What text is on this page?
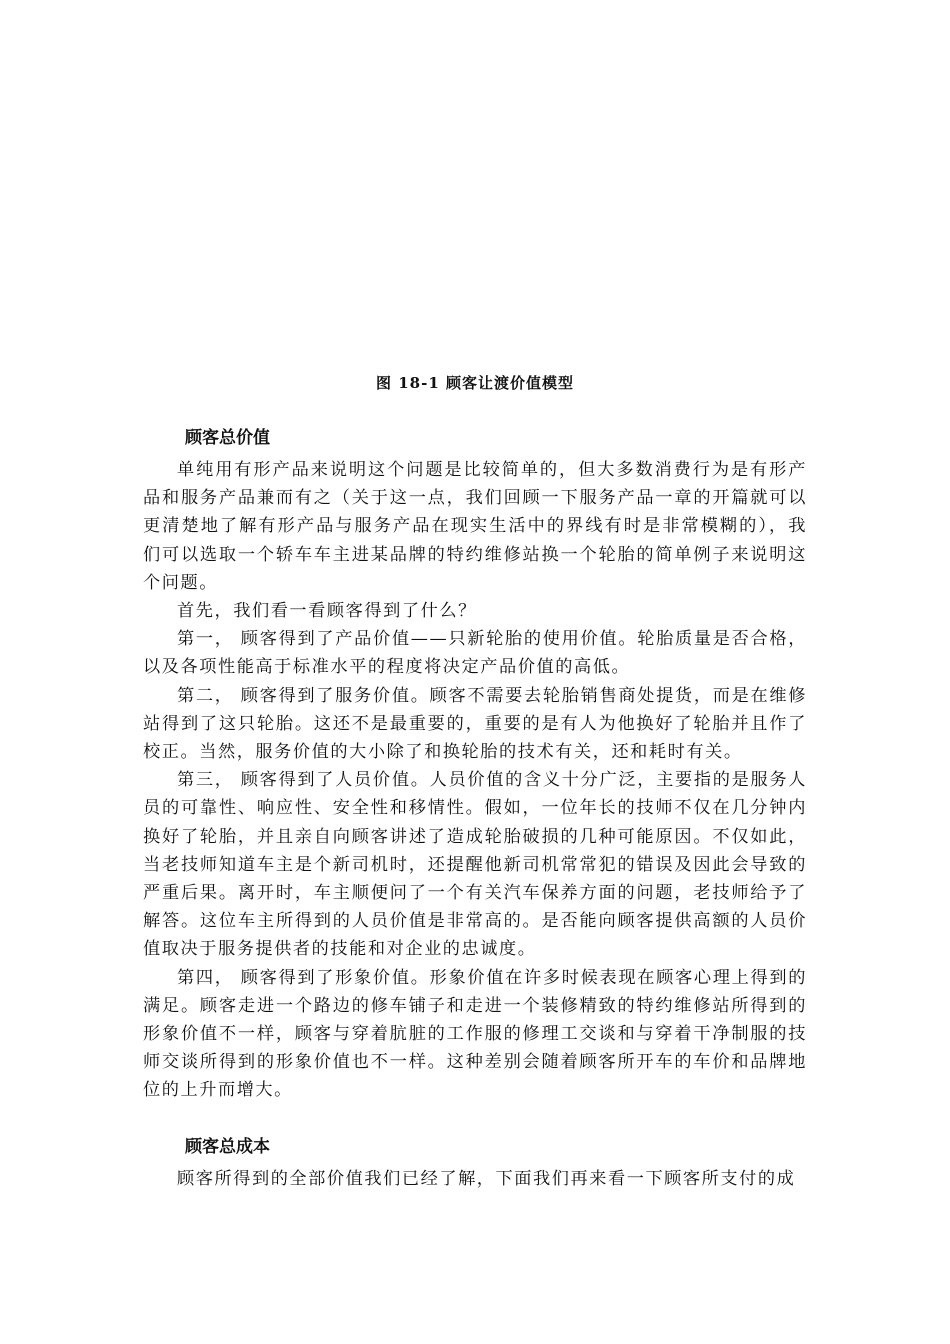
图 18-1 顾客让渡价值模型
顾客总价值

单纯用有形产品来说明这个问题是比较简单的，但大多数消费行为是有形产品和服务产品兼而有之（关于这一点，我们回顾一下服务产品一章的开篇就可以更清楚地了解有形产品与服务产品在现实生活中的界线有时是非常模糊的），我们可以选取一个轿车车主进某品牌的特约维修站换一个轮胎的简单例子来说明这个问题。

首先，我们看一看顾客得到了什么？

第一， 顾客得到了产品价值——只新轮胎的使用价值。轮胎质量是否合格，以及各项性能高于标准水平的程度将决定产品价值的高低。

第二， 顾客得到了服务价值。顾客不需要去轮胎销售商处提货，而是在维修站得到了这只轮胎。这还不是最重要的，重要的是有人为他换好了轮胎并且作了校正。当然，服务价值的大小除了和换轮胎的技术有关，还和耗时有关。

第三， 顾客得到了人员价值。人员价值的含义十分广泛，主要指的是服务人员的可靠性、响应性、安全性和移情性。假如，一位年长的技师不仅在几分钟内换好了轮胎，并且亲自向顾客讲述了造成轮胎破损的几种可能原因。不仅如此，当老技师知道车主是个新司机时，还提醒他新司机常常犯的错误及因此会导致的严重后果。离开时，车主顺便问了一个有关汽车保养方面的问题，老技师给予了解答。这位车主所得到的人员价值是非常高的。是否能向顾客提供高额的人员价值取决于服务提供者的技能和对企业的忠诚度。

第四， 顾客得到了形象价值。形象价值在许多时候表现在顾客心理上得到的满足。顾客走进一个路边的修车铺子和走进一个装修精致的特约维修站所得到的形象价值不一样，顾客与穿着肮脏的工作服的修理工交谈和与穿着干净制服的技师交谈所得到的形象价值也不一样。这种差别会随着顾客所开车的车价和品牌地位的上升而增大。

顾客总成本

顾客所得到的全部价值我们已经了解，下面我们再来看一下顾客所支付的成
